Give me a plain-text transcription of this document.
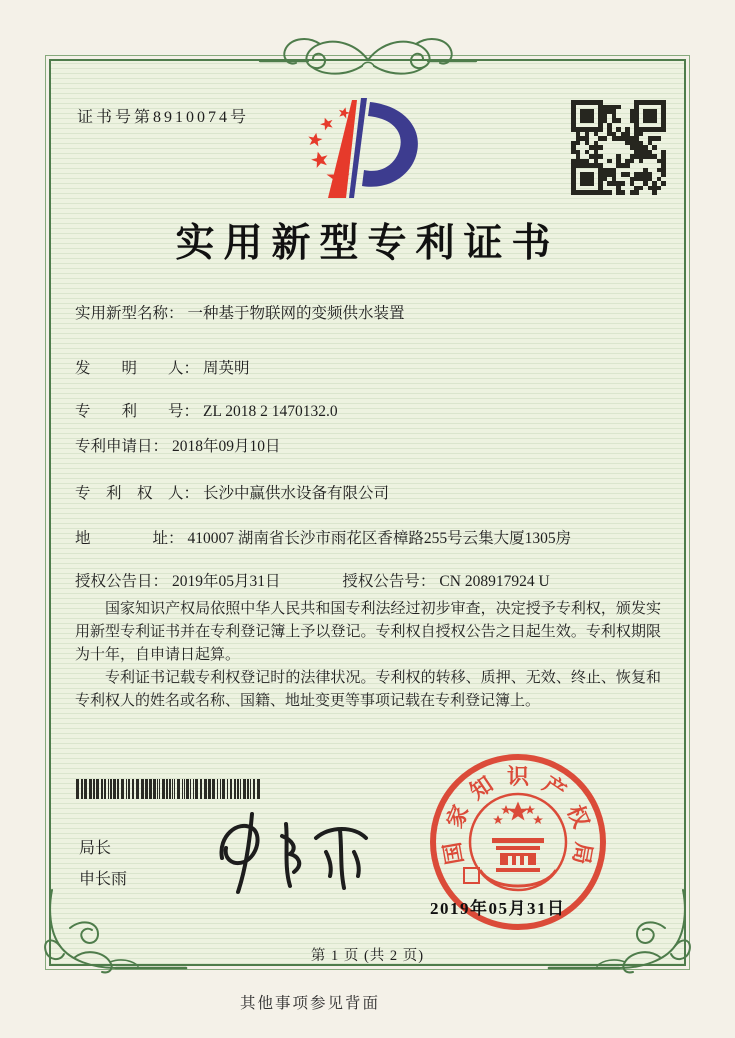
证书号第8910074号
实用新型专利证书
实用新型名称： 一种基于物联网的变频供水装置
发　　明　　人： 周英明
专　　利　　号： ZL 2018 2 1470132.0
专利申请日： 2018年09月10日
专　利　权　人： 长沙中赢供水设备有限公司
地　　　　址： 410007 湖南省长沙市雨花区香樟路255号云集大厦1305房
授权公告日： 2019年05月31日	授权公告号： CN 208917924 U

国家知识产权局依照中华人民共和国专利法经过初步审查，决定授予专利权，颁发实用新型专利证书并在专利登记簿上予以登记。专利权自授权公告之日起生效。专利权期限为十年，自申请日起算。

专利证书记载专利权登记时的法律状况。专利权的转移、质押、无效、终止、恢复和专利权人的姓名或名称、国籍、地址变更等事项记载在专利登记簿上。

局长
申长雨
国
家
知 识 产
权
局
2019年05月31日
第 1 页 (共 2 页)
其他事项参见背面
